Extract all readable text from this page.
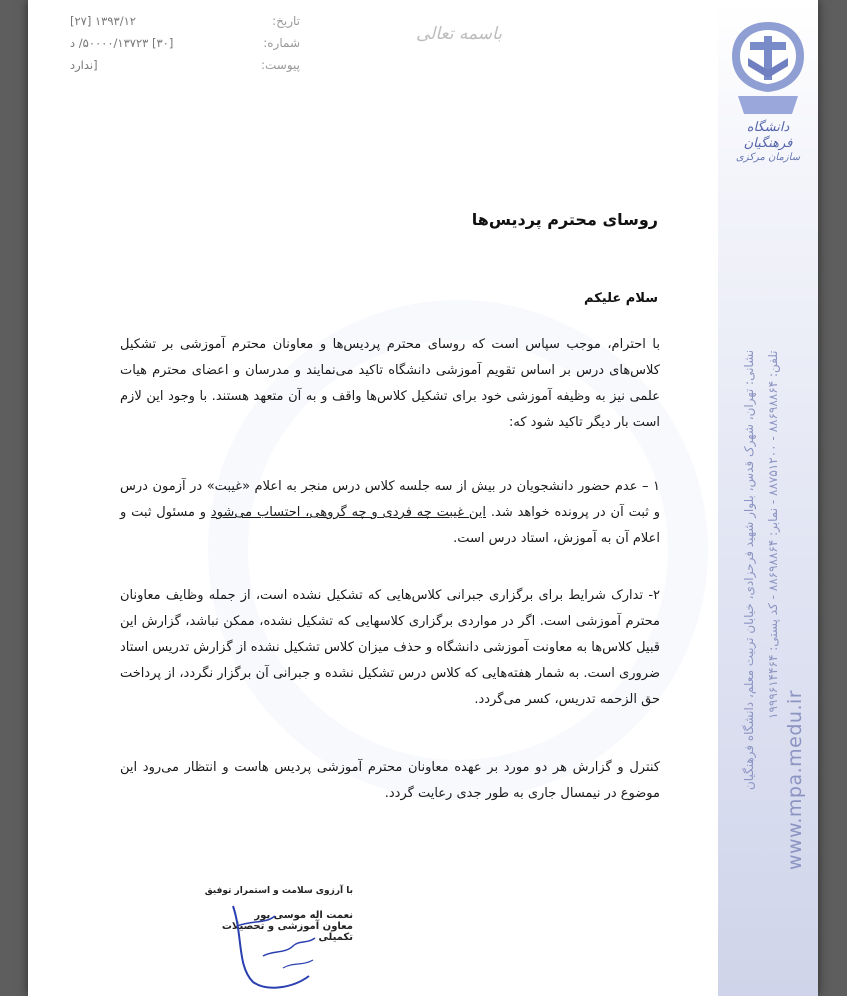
دانشگاه فرهنگیان
سازمان مرکزی
نشانی: تهران، شهرک قدس، بلوار شهید فرحزادی، خیابان تربیت معلم، دانشگاه فرهنگیان تلفن: ۸۸۶۹۸۸۶۴ - ۸۸۷۵۱۲۰۰ - نمابر: ۸۸۶۹۸۸۶۴ - کد پستی: ۱۹۹۹۶۱۴۴۶۴
www.mpa.medu.ir
تاریخ:
[۲۷] ۱۳۹۳/۱۲
شماره:
[۳۰] ۵۰۰۰۰/۱۳۷۲۳/ د
پیوست:
[ندارد
باسمه تعالی
روسای محترم پردیس‌ها
سلام علیکم
با احترام، موجب سپاس است که روسای محترم پردیس‌ها و معاونان محترم آموزشی بر تشکیل کلاس‌های درس بر اساس تقویم آموزشی دانشگاه تاکید می‌نمایند و مدرسان و اعضای محترم هیات علمی نیز به وظیفه آموزشی خود برای تشکیل کلاس‌ها واقف و به آن متعهد هستند. با وجود این لازم است بار دیگر تاکید شود که:
۱ – عدم حضور دانشجویان در بیش از سه جلسه کلاس درس منجر به اعلام «غیبت» در آزمون درس و ثبت آن در پرونده خواهد شد. این غیبت چه فردی و چه گروهی، احتساب می‌شود و مسئول ثبت و اعلام آن به آموزش، استاد درس است.
۲- تدارک شرایط برای برگزاری جبرانی کلاس‌هایی که تشکیل نشده است، از جمله وظایف معاونان محترم آموزشی است. اگر در مواردی برگزاری کلاسهایی که تشکیل نشده، ممکن نباشد، گزارش این قبیل کلاس‌ها به معاونت آموزشی دانشگاه و حذف میزان کلاس تشکیل نشده از گزارش تدریس استاد ضروری است. به شمار هفته‌هایی که کلاس درس تشکیل نشده و جبرانی آن برگزار نگردد، از پرداخت حق الزحمه تدریس، کسر می‌گردد.
کنترل و گزارش هر دو مورد بر عهده معاونان محترم آموزشی پردیس هاست و انتظار می‌رود این موضوع در نیمسال جاری به طور جدی رعایت گردد.
با آرزوی سلامت و استمرار توفیق
نعمت اله موسی پور
معاون آموزشی و تحصیلات تکمیلی
